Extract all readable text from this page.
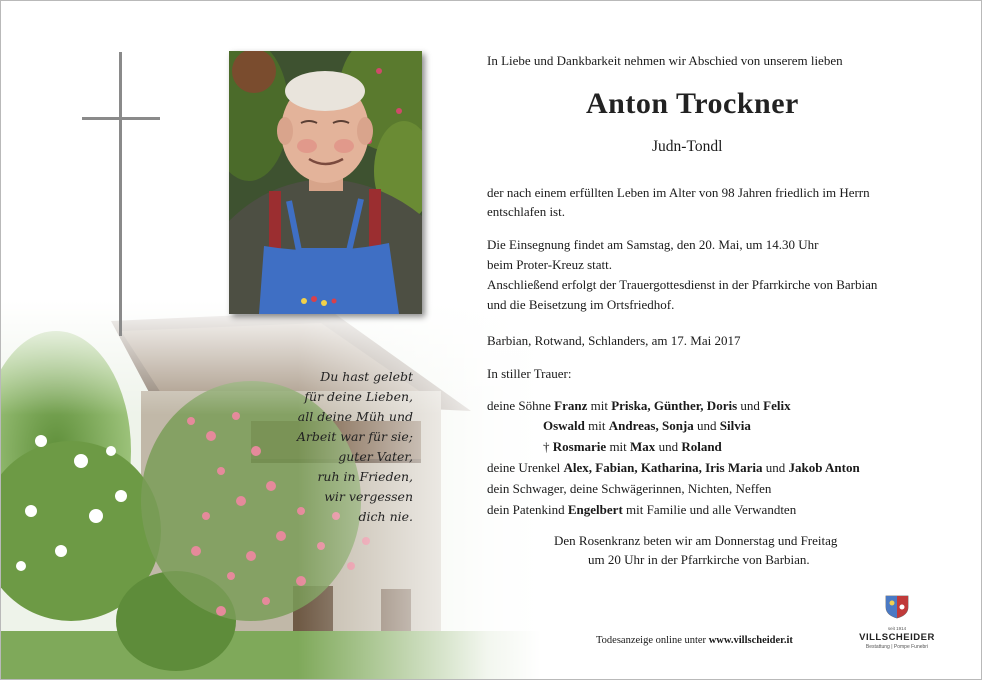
Du hast gelebt
für deine Lieben,
all deine Müh und
Arbeit war für sie;
guter Vater,
ruh in Frieden,
wir vergessen
dich nie.
In Liebe und Dankbarkeit nehmen wir Abschied von unserem lieben
Anton Trockner
Judn-Tondl
der nach einem erfüllten Leben im Alter von 98 Jahren friedlich im Herrn
entschlafen ist.
Die Einsegnung findet am Samstag, den 20. Mai, um 14.30 Uhr
beim Proter-Kreuz statt.
Anschließend erfolgt der Trauergottesdienst in der Pfarrkirche von Barbian
und die Beisetzung im Ortsfriedhof.
Barbian, Rotwand, Schlanders, am 17. Mai 2017
In stiller Trauer:
deine Söhne Franz mit Priska, Günther, Doris und Felix
Oswald mit Andreas, Sonja und Silvia
† Rosmarie mit Max und Roland
deine Urenkel Alex, Fabian, Katharina, Iris Maria und Jakob Anton
dein Schwager, deine Schwägerinnen, Nichten, Neffen
dein Patenkind Engelbert mit Familie und alle Verwandten
Den Rosenkranz beten wir am Donnerstag und Freitag
um 20 Uhr in der Pfarrkirche von Barbian.
Todesanzeige online unter www.villscheider.it
seit 1914
VILLSCHEIDER
Bestattung | Pompe Funebri
